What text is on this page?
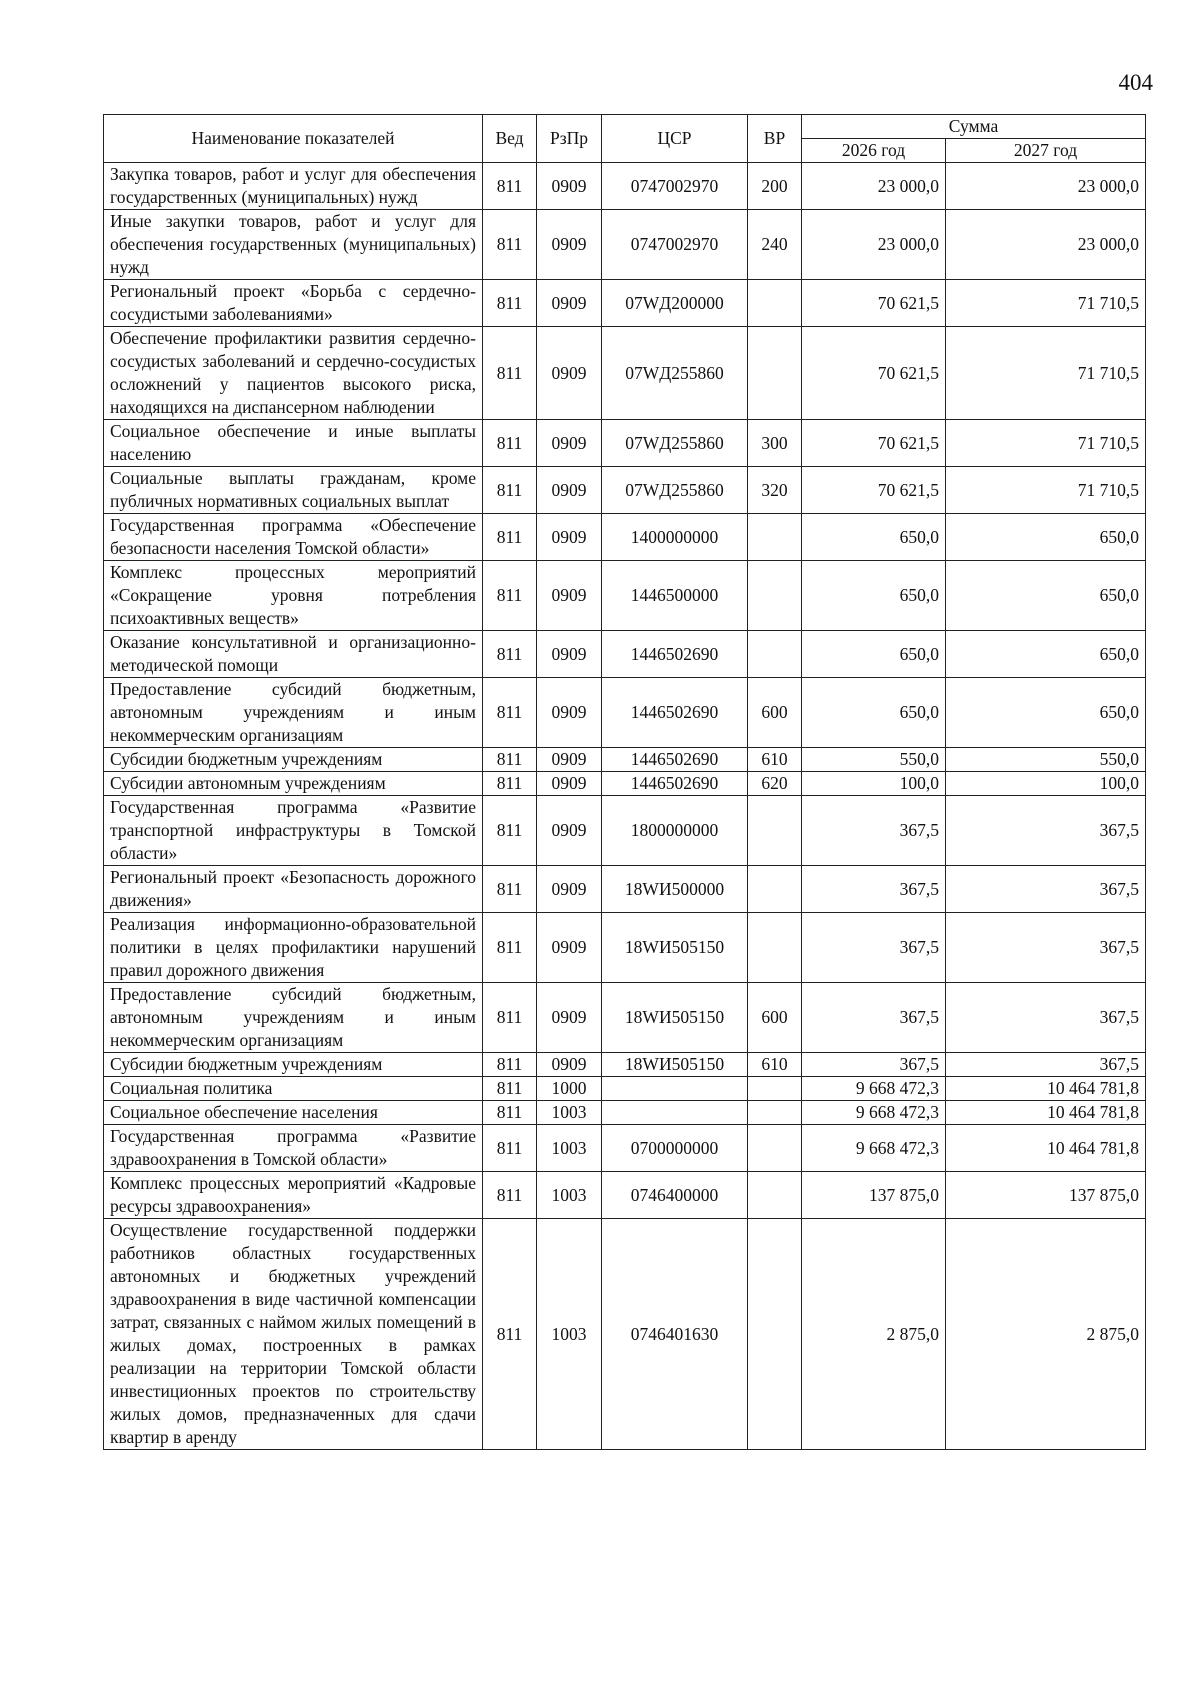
404
Наименование показателей	Вед	РзПр	ЦСР	ВР	Сумма	
					2026 год	2027 год
Закупка товаров, работ и услуг для обеспечения государственных (муниципальных) нужд	811	0909	0747002970	200	23 000,0	23 000,0
Иные закупки товаров, работ и услуг для обеспечения государственных (муниципальных) нужд	811	0909	0747002970	240	23 000,0	23 000,0
Региональный проект «Борьба с сердечно-сосудистыми заболеваниями»	811	0909	07WД200000		70 621,5	71 710,5
Обеспечение профилактики развития сердечно-сосудистых заболеваний и сердечно-сосудистых осложнений у пациентов высокого риска, находящихся на диспансерном наблюдении	811	0909	07WД255860		70 621,5	71 710,5
Социальное обеспечение и иные выплаты населению	811	0909	07WД255860	300	70 621,5	71 710,5
Социальные выплаты гражданам, кроме публичных нормативных социальных выплат	811	0909	07WД255860	320	70 621,5	71 710,5
Государственная программа «Обеспечение безопасности населения Томской области»	811	0909	1400000000		650,0	650,0
Комплекс процессных мероприятий «Сокращение уровня потребления психоактивных веществ»	811	0909	1446500000		650,0	650,0
Оказание консультативной и организационно-методической помощи	811	0909	1446502690		650,0	650,0
Предоставление субсидий бюджетным, автономным учреждениям и иным некоммерческим организациям	811	0909	1446502690	600	650,0	650,0
Субсидии бюджетным учреждениям	811	0909	1446502690	610	550,0	550,0
Субсидии автономным учреждениям	811	0909	1446502690	620	100,0	100,0
Государственная программа «Развитие транспортной инфраструктуры в Томской области»	811	0909	1800000000		367,5	367,5
Региональный проект «Безопасность дорожного движения»	811	0909	18WИ500000		367,5	367,5
Реализация информационно-образовательной политики в целях профилактики нарушений правил дорожного движения	811	0909	18WИ505150		367,5	367,5
Предоставление субсидий бюджетным, автономным учреждениям и иным некоммерческим организациям	811	0909	18WИ505150	600	367,5	367,5
Субсидии бюджетным учреждениям	811	0909	18WИ505150	610	367,5	367,5
Социальная политика	811	1000			9 668 472,3	10 464 781,8
Социальное обеспечение населения	811	1003			9 668 472,3	10 464 781,8
Государственная программа «Развитие здравоохранения в Томской области»	811	1003	0700000000		9 668 472,3	10 464 781,8
Комплекс процессных мероприятий «Кадровые ресурсы здравоохранения»	811	1003	0746400000		137 875,0	137 875,0
Осуществление государственной поддержки работников областных государственных автономных и бюджетных учреждений здравоохранения в виде частичной компенсации затрат, связанных с наймом жилых помещений в жилых домах, построенных в рамках реализации на территории Томской области инвестиционных проектов по строительству жилых домов, предназначенных для сдачи квартир в аренду	811	1003	0746401630		2 875,0	2 875,0
